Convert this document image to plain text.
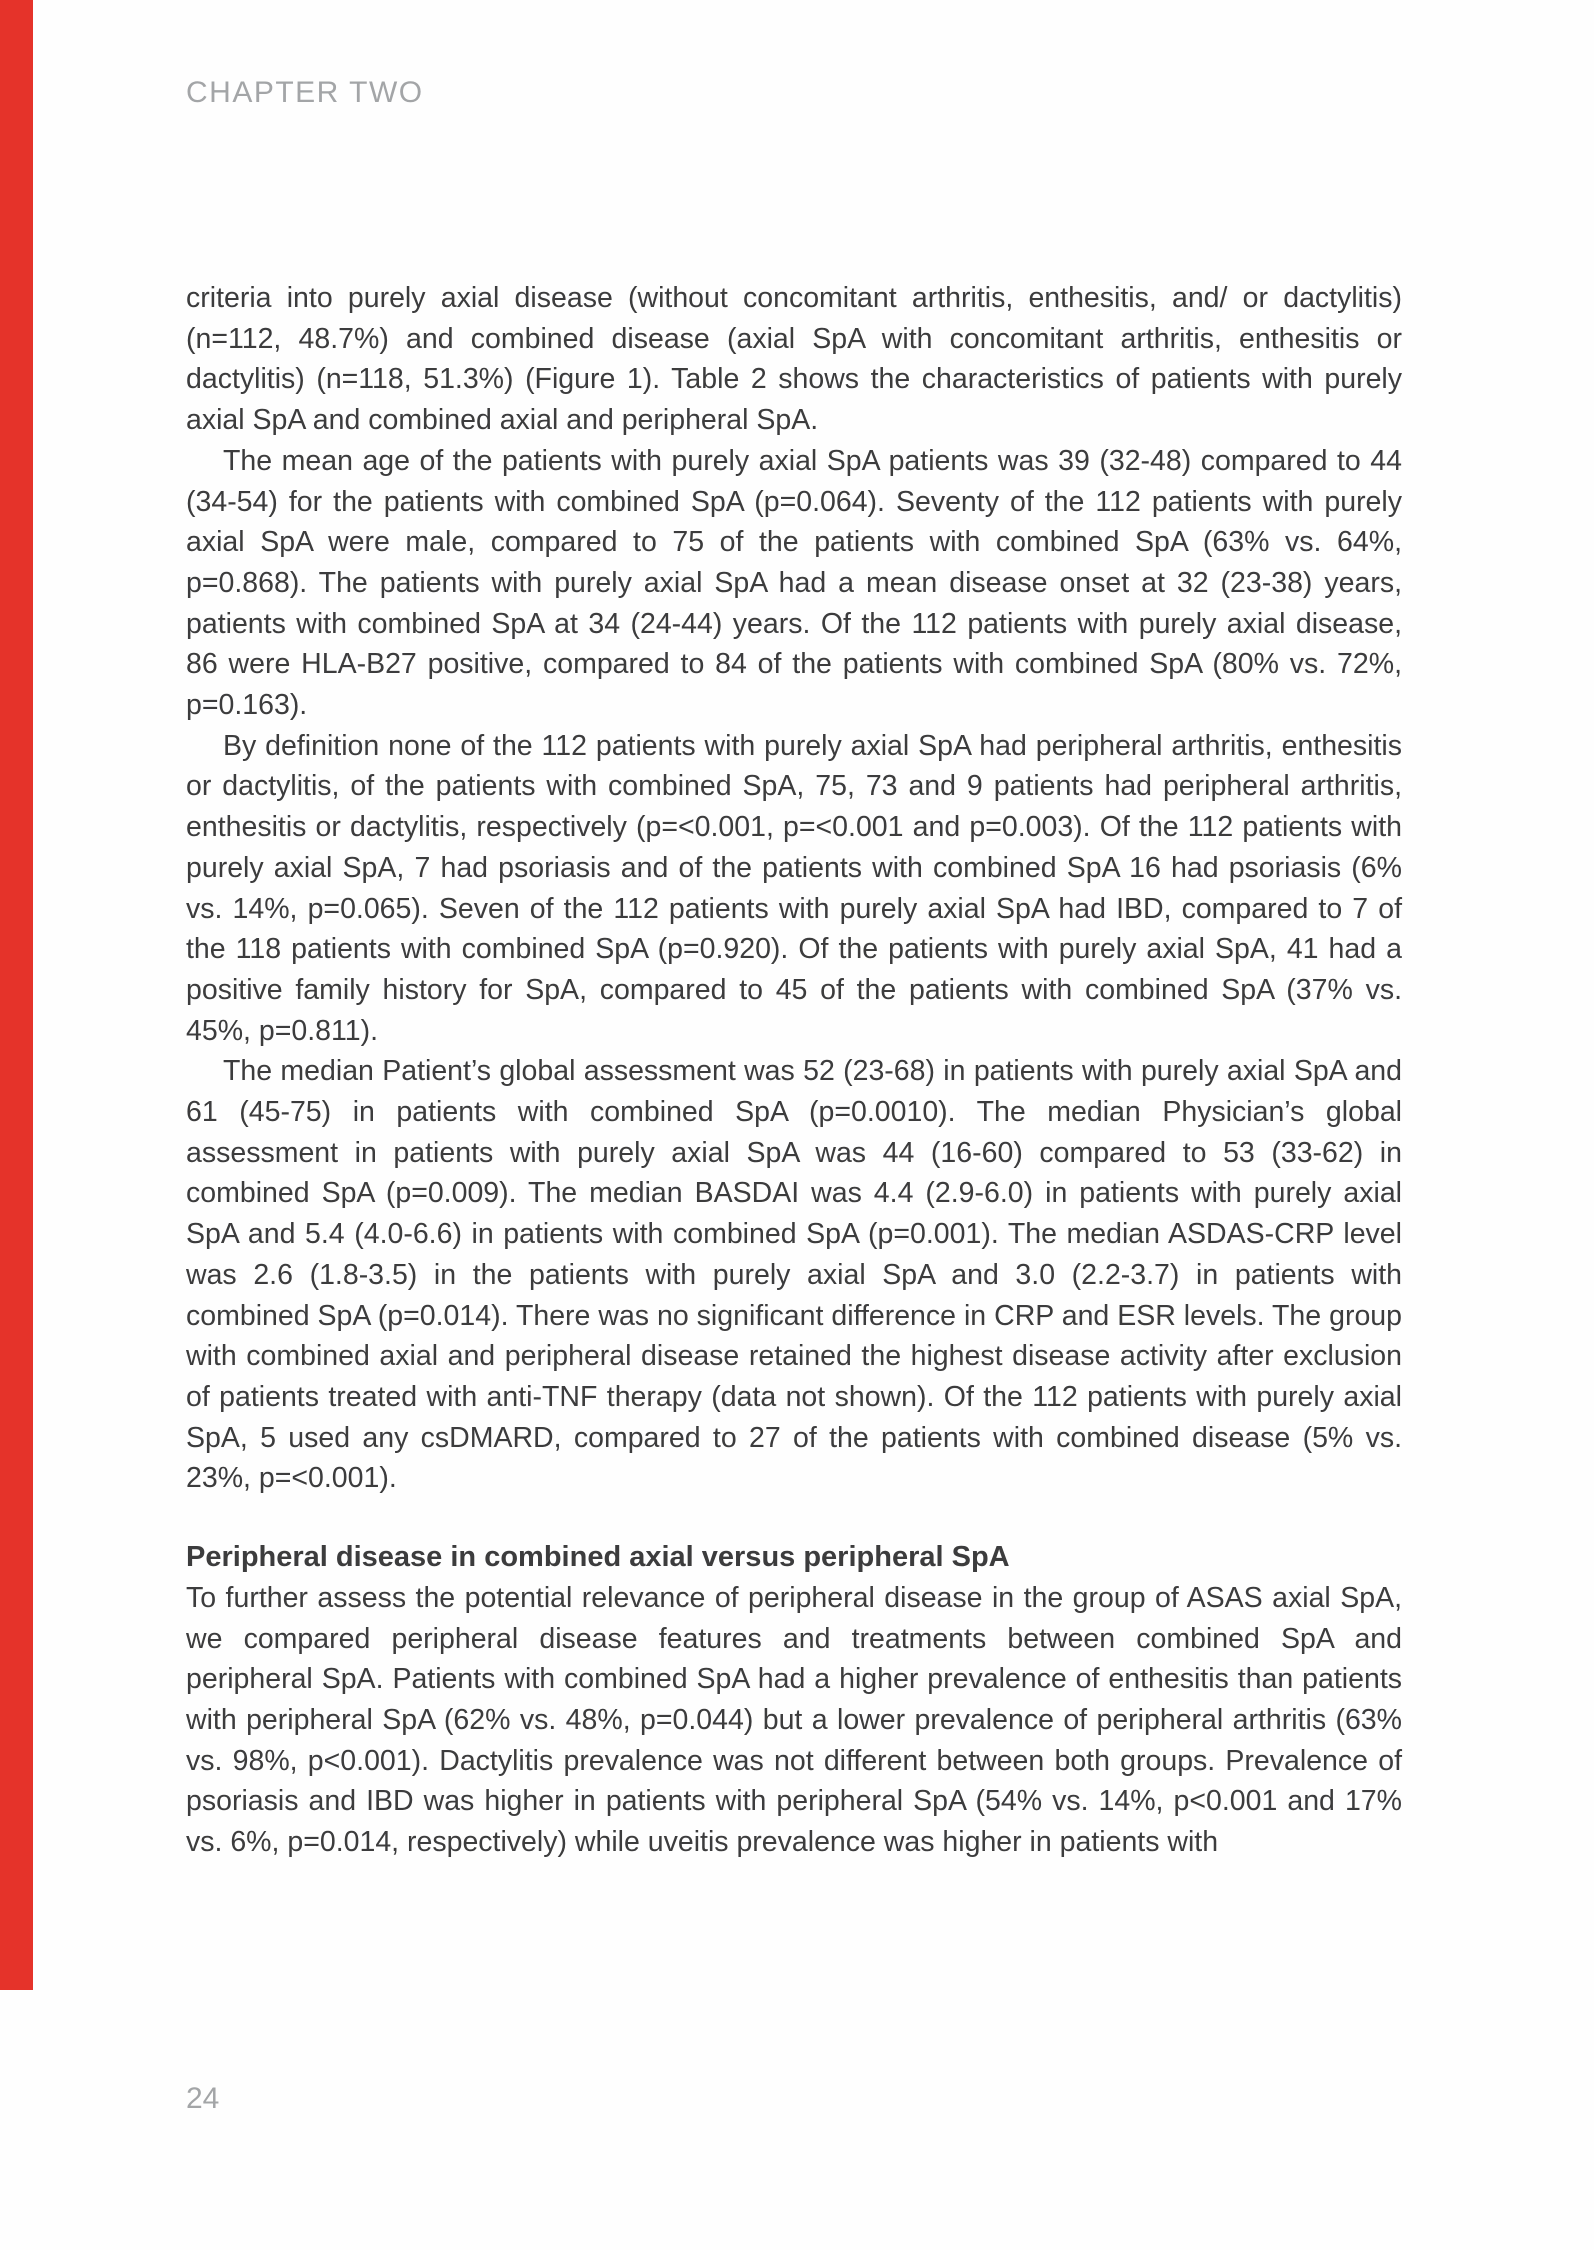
CHAPTER TWO

criteria into purely axial disease (without concomitant arthritis, enthesitis, and/ or dactylitis) (n=112, 48.7%) and combined disease (axial SpA with concomitant arthritis, enthesitis or dactylitis) (n=118, 51.3%) (Figure 1). Table 2 shows the characteristics of patients with purely axial SpA and combined axial and peripheral SpA.

The mean age of the patients with purely axial SpA patients was 39 (32-48) compared to 44 (34-54) for the patients with combined SpA (p=0.064). Seventy of the 112 patients with purely axial SpA were male, compared to 75 of the patients with combined SpA (63% vs. 64%, p=0.868). The patients with purely axial SpA had a mean disease onset at 32 (23-38) years, patients with combined SpA at 34 (24-44) years. Of the 112 patients with purely axial disease, 86 were HLA-B27 positive, compared to 84 of the patients with combined SpA (80% vs. 72%, p=0.163).

By definition none of the 112 patients with purely axial SpA had peripheral arthritis, enthesitis or dactylitis, of the patients with combined SpA, 75, 73 and 9 patients had peripheral arthritis, enthesitis or dactylitis, respectively (p=<0.001, p=<0.001 and p=0.003). Of the 112 patients with purely axial SpA, 7 had psoriasis and of the patients with combined SpA 16 had psoriasis (6% vs. 14%, p=0.065). Seven of the 112 patients with purely axial SpA had IBD, compared to 7 of the 118 patients with combined SpA (p=0.920). Of the patients with purely axial SpA, 41 had a positive family history for SpA, compared to 45 of the patients with combined SpA (37% vs. 45%, p=0.811).

The median Patient’s global assessment was 52 (23-68) in patients with purely axial SpA and 61 (45-75) in patients with combined SpA (p=0.0010). The median Physician’s global assessment in patients with purely axial SpA was 44 (16-60) compared to 53 (33-62) in combined SpA (p=0.009). The median BASDAI was 4.4 (2.9-6.0) in patients with purely axial SpA and 5.4 (4.0-6.6) in patients with combined SpA (p=0.001). The median ASDAS-CRP level was 2.6 (1.8-3.5) in the patients with purely axial SpA and 3.0 (2.2-3.7) in patients with combined SpA (p=0.014). There was no significant difference in CRP and ESR levels. The group with combined axial and peripheral disease retained the highest disease activity after exclusion of patients treated with anti-TNF therapy (data not shown). Of the 112 patients with purely axial SpA, 5 used any csDMARD, compared to 27 of the patients with combined disease (5% vs. 23%, p=<0.001).

Peripheral disease in combined axial versus peripheral SpA

To further assess the potential relevance of peripheral disease in the group of ASAS axial SpA, we compared peripheral disease features and treatments between combined SpA and peripheral SpA. Patients with combined SpA had a higher prevalence of enthesitis than patients with peripheral SpA (62% vs. 48%, p=0.044) but a lower prevalence of peripheral arthritis (63% vs. 98%, p<0.001). Dactylitis prevalence was not different between both groups. Prevalence of psoriasis and IBD was higher in patients with peripheral SpA (54% vs. 14%, p<0.001 and 17% vs. 6%, p=0.014, respectively) while uveitis prevalence was higher in patients with

24
